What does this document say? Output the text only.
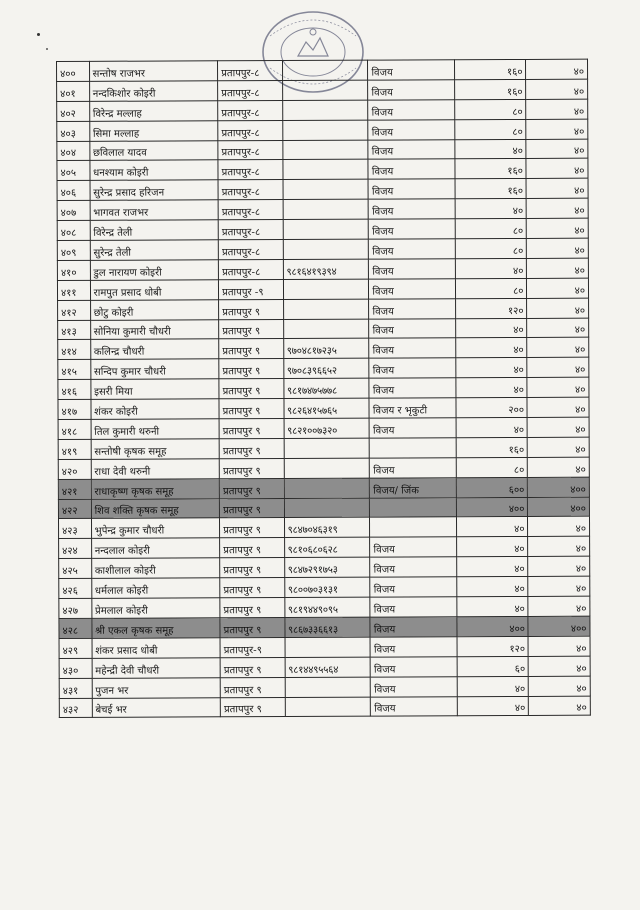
४००	सन्तोष राजभर	प्रतापपुर-८		विजय	१६०	४०
४०१	नन्दकिशोर कोइरी	प्रतापपुर-८		विजय	१६०	४०
४०२	विरेन्द्र मल्लाह	प्रतापपुर-८		विजय	८०	४०
४०३	सिमा मल्लाह	प्रतापपुर-८		विजय	८०	४०
४०४	छविलाल यादव	प्रतापपुर-८		विजय	४०	४०
४०५	धनश्याम कोइरी	प्रतापपुर-८		विजय	१६०	४०
४०६	सुरेन्द्र प्रसाद हरिजन	प्रतापपुर-८		विजय	१६०	४०
४०७	भागवत राजभर	प्रतापपुर-८		विजय	४०	४०
४०८	विरेन्द्र तेली	प्रतापपुर-८		विजय	८०	४०
४०९	सुरेन्द्र तेली	प्रतापपुर-८		विजय	८०	४०
४१०	डुल नारायण कोइरी	प्रतापपुर-८	९८१६४१९३९४	विजय	४०	४०
४११	रामपुत प्रसाद धोबी	प्रतापपुर -९		विजय	८०	४०
४१२	छोटु कोइरी	प्रतापपुर ९		विजय	१२०	४०
४१३	सोनिया कुमारी चौधरी	प्रतापपुर ९		विजय	४०	४०
४१४	कलिन्द्र चौधरी	प्रतापपुर ९	९७०४८१७२३५	विजय	४०	४०
४१५	सन्दिप कुमार चौधरी	प्रतापपुर ९	९७०८३९६६५२	विजय	४०	४०
४१६	इसरी मिया	प्रतापपुर ९	९८१७४७५७७८	विजय	४०	४०
४१७	शंकर कोइरी	प्रतापपुर ९	९८२६४१५७६५	विजय र भृकुटी	२००	४०
४१८	तिल कुमारी थरुनी	प्रतापपुर ९	९८२१००७३२०	विजय	४०	४०
४१९	सन्तोषी कृषक समूह	प्रतापपुर ९			१६०	४०
४२०	राधा देवी थरुनी	प्रतापपुर ९		विजय	८०	४०
४२१	राधाकृष्ण कृषक समूह	प्रतापपुर ९		विजय/ जिंक	६००	४००
४२२	शिव शक्ति कृषक समूह	प्रतापपुर ९			४००	४००
४२३	भुपेन्द्र कुमार चौधरी	प्रतापपुर ९	९८४७०४६३१९		४०	४०
४२४	नन्दलाल कोइरी	प्रतापपुर ९	९८१०६८०६२८	विजय	४०	४०
४२५	काशीलाल कोइरी	प्रतापपुर ९	९८४७२९१७५३	विजय	४०	४०
४२६	धर्मलाल कोइरी	प्रतापपुर ९	९८००७०३१३१	विजय	४०	४०
४२७	प्रेमलाल कोइरी	प्रतापपुर ९	९८१९४४९०९५	विजय	४०	४०
४२८	श्री एकल कृषक समूह	प्रतापपुर ९	९८६७३३६६१३	विजय	४००	४००
४२९	शंकर प्रसाद धोबी	प्रतापपुर-९		विजय	१२०	४०
४३०	महेन्द्री देवी चौधरी	प्रतापपुर ९	९८१४४९५५६४	विजय	६०	४०
४३१	पुजन भर	प्रतापपुर ९		विजय	४०	४०
४३२	बेचई भर	प्रतापपुर ९		विजय	४०	४०
